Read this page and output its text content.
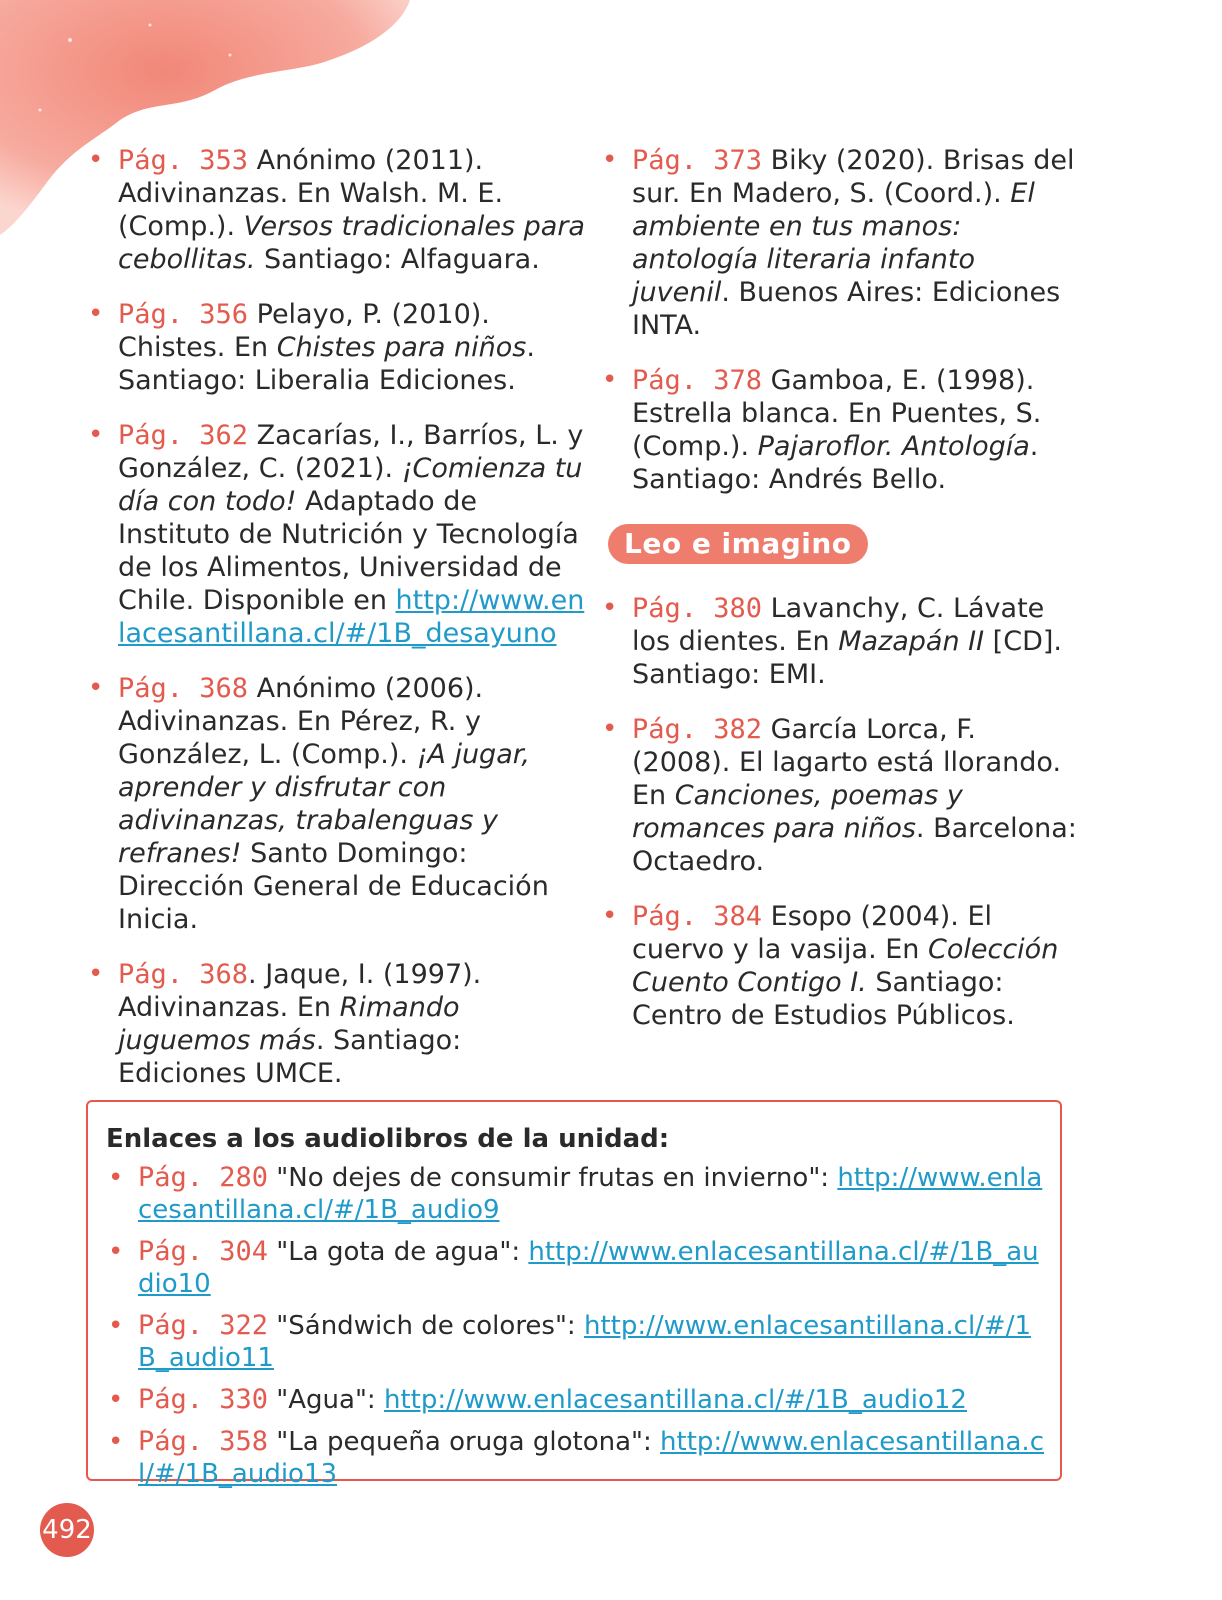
• Pág. 353 Anónimo (2011). Adivinanzas. En Walsh. M. E. (Comp.). Versos tradicionales para cebollitas. Santiago: Alfaguara.
• Pág. 356 Pelayo, P. (2010). Chistes. En Chistes para niños. Santiago: Liberalia Ediciones.
• Pág. 362 Zacarías, I., Barríos, L. y González, C. (2021). ¡Comienza tu día con todo! Adaptado de Instituto de Nutrición y Tecnología de los Alimentos, Universidad de Chile. Disponible en http://www.enlacesantillana.cl/#/1B_desayuno
• Pág. 368 Anónimo (2006). Adivinanzas. En Pérez, R. y González, L. (Comp.). ¡A jugar, aprender y disfrutar con adivinanzas, trabalenguas y refranes! Santo Domingo: Dirección General de Educación Inicia.
• Pág. 368. Jaque, I. (1997). Adivinanzas. En Rimando juguemos más. Santiago: Ediciones UMCE.
• Pág. 373 Biky (2020). Brisas del sur. En Madero, S. (Coord.). El ambiente en tus manos: antología literaria infanto juvenil. Buenos Aires: Ediciones INTA.
• Pág. 378 Gamboa, E. (1998). Estrella blanca. En Puentes, S. (Comp.). Pajaroflor. Antología. Santiago: Andrés Bello.
Leo e imagino
• Pág. 380 Lavanchy, C. Lávate los dientes. En Mazapán II [CD]. Santiago: EMI.
• Pág. 382 García Lorca, F. (2008). El lagarto está llorando. En Canciones, poemas y romances para niños. Barcelona: Octaedro.
• Pág. 384 Esopo (2004). El cuervo y la vasija. En Colección Cuento Contigo I. Santiago: Centro de Estudios Públicos.
Enlaces a los audiolibros de la unidad:
• Pág. 280 "No dejes de consumir frutas en invierno": http://www.enlacesantillana.cl/#/1B_audio9
• Pág. 304 "La gota de agua": http://www.enlacesantillana.cl/#/1B_audio10
• Pág. 322 "Sándwich de colores": http://www.enlacesantillana.cl/#/1B_audio11
• Pág. 330 "Agua": http://www.enlacesantillana.cl/#/1B_audio12
• Pág. 358 "La pequeña oruga glotona": http://www.enlacesantillana.cl/#/1B_audio13
492
